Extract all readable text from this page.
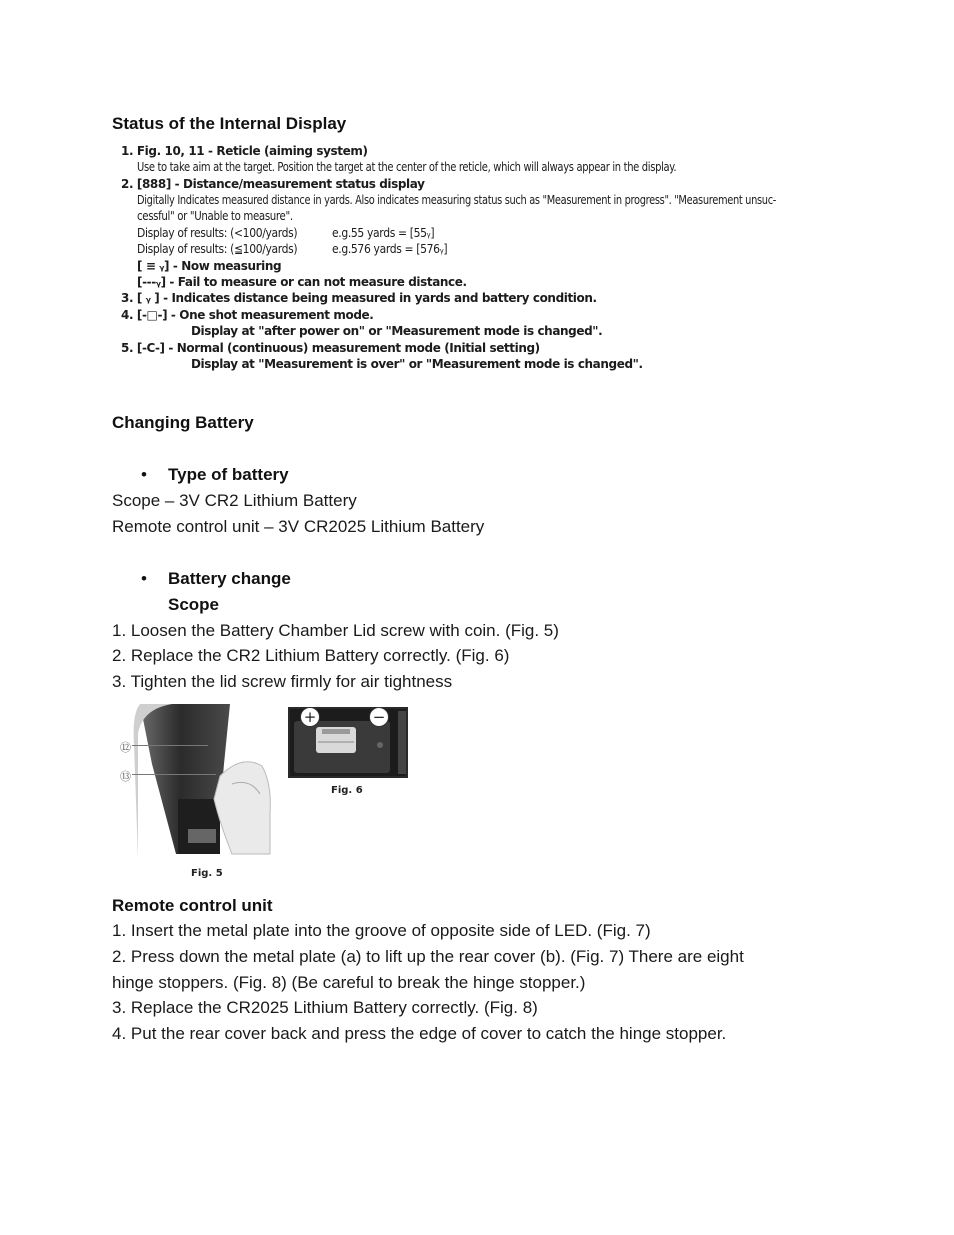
Status of the Internal Display
1. Fig. 10, 11 - Reticle (aiming system)
Use to take aim at the target. Position the target at the center of the reticle, which will always appear in the display.
2. [888] - Distance/measurement status display
Digitally Indicates measured distance in yards. Also indicates measuring status such as "Measurement in progress". "Measurement unsuc-
cessful" or "Unable to measure".
Display of results: (<100/yards)	e.g.55 yards = [55ᵧ]
Display of results: (≦100/yards)	e.g.576 yards = [576ᵧ]
[ ≡ ᵧ] - Now measuring
[---ᵧ] - Fail to measure or can not measure distance.
3. [ ᵧ ] - Indicates distance being measured in yards and battery condition.
4. [-□-] - One shot measurement mode.
Display at "after power on" or "Measurement mode is changed".
5. [-С-] - Normal (continuous) measurement mode (Initial setting)
Display at "Measurement is over" or "Measurement mode is changed".
Changing Battery
• Type of battery
Scope – 3V CR2 Lithium Battery
Remote control unit – 3V CR2025 Lithium Battery
• Battery change
Scope
1. Loosen the Battery Chamber Lid screw with coin. (Fig. 5)
2. Replace the CR2 Lithium Battery correctly. (Fig. 6)
3. Tighten the lid screw firmly for air tightness
⑫
⑬
Fig. 5
+	−
Fig. 6
Remote control unit
1. Insert the metal plate into the groove of opposite side of LED. (Fig. 7)
2. Press down the metal plate (a) to lift up the rear cover (b). (Fig. 7) There are eight
hinge stoppers. (Fig. 8) (Be careful to break the hinge stopper.)
3. Replace the CR2025 Lithium Battery correctly. (Fig. 8)
4. Put the rear cover back and press the edge of cover to catch the hinge stopper.
